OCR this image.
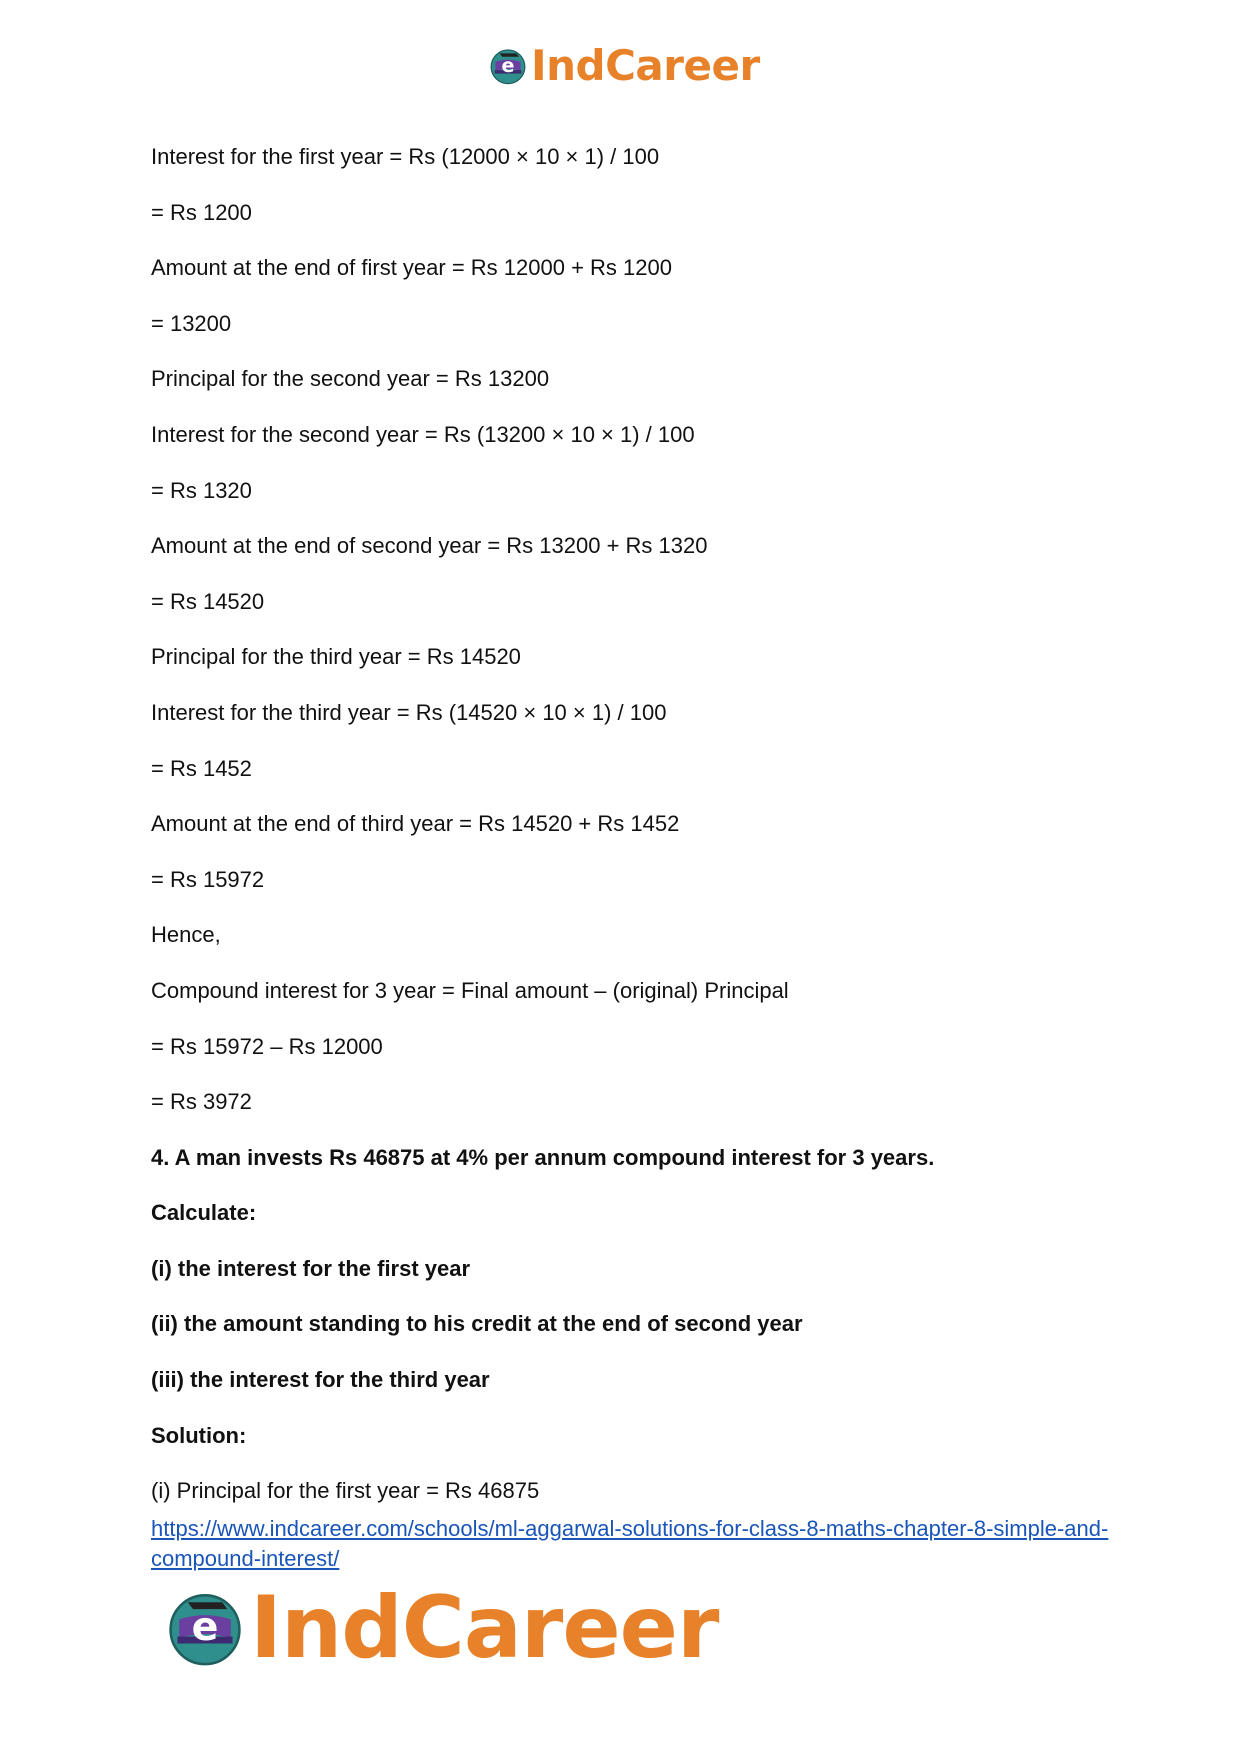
e IndCareer

Interest for the first year = Rs (12000 × 10 × 1) / 100

= Rs 1200

Amount at the end of first year = Rs 12000 + Rs 1200

= 13200

Principal for the second year = Rs 13200

Interest for the second year = Rs (13200 × 10 × 1) / 100

= Rs 1320

Amount at the end of second year = Rs 13200 + Rs 1320

= Rs 14520

Principal for the third year = Rs 14520

Interest for the third year = Rs (14520 × 10 × 1) / 100

= Rs 1452

Amount at the end of third year = Rs 14520 + Rs 1452

= Rs 15972

Hence,

Compound interest for 3 year = Final amount – (original) Principal

= Rs 15972 – Rs 12000

= Rs 3972

4. A man invests Rs 46875 at 4% per annum compound interest for 3 years.

Calculate:

(i) the interest for the first year

(ii) the amount standing to his credit at the end of second year

(iii) the interest for the third year

Solution:

(i) Principal for the first year = Rs 46875

https://www.indcareer.com/schools/ml-aggarwal-solutions-for-class-8-maths-chapter-8-simple-and-compound-interest/
e IndCareer
